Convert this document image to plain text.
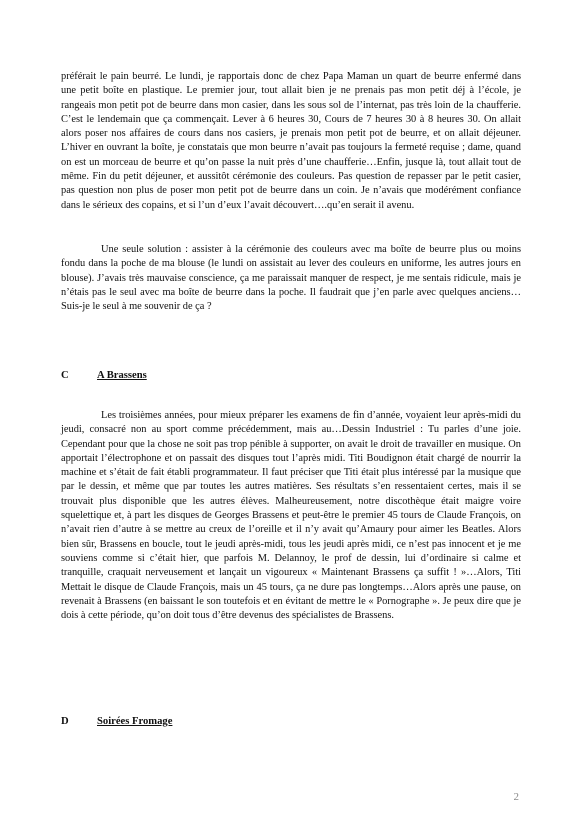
préférait le pain beurré. Le lundi, je rapportais donc de chez Papa Maman un quart de beurre enfermé dans une petit boîte en plastique. Le premier jour, tout allait bien je ne prenais pas mon petit déj à l’école, je rangeais mon petit pot de beurre dans mon casier, dans les sous sol de l’internat, pas très loin de la chaufferie. C’est le lendemain que ça commençait. Lever à 6 heures 30, Cours de 7 heures 30 à 8 heures 30. On allait alors poser nos affaires de cours dans nos casiers, je prenais mon petit pot de beurre, et on allait déjeuner. L’hiver en ouvrant la boîte, je constatais que mon beurre n’avait pas toujours la fermeté requise ; dame, quand on est un morceau de beurre et qu’on passe la nuit près d’une chaufferie…Enfin, jusque là, tout allait tout de même. Fin du petit déjeuner, et aussitôt cérémonie des couleurs. Pas question de repasser par le petit casier, pas question non plus de poser mon petit pot de beurre dans un coin. Je n’avais que modérément confiance dans le sérieux des copains, et si l’un d’eux l’avait découvert….qu’en serait il avenu.

Une seule solution : assister à la cérémonie des couleurs avec ma boîte de beurre plus ou moins fondu dans la poche de ma blouse (le lundi on assistait au lever des couleurs en uniforme, les autres jours en blouse). J’avais très mauvaise conscience, ça me paraissait manquer de respect, je me sentais ridicule, mais je n’étais pas le seul avec ma boîte de beurre dans la poche. Il faudrait que j’en parle avec quelques anciens… Suis-je le seul à me souvenir de ça ?

C	A Brassens

Les troisièmes années, pour mieux préparer les examens de fin d’année, voyaient leur après-midi du jeudi, consacré non au sport comme précédemment, mais au…Dessin Industriel : Tu parles d’une joie. Cependant pour que la chose ne soit pas trop pénible à supporter, on avait le droit de travailler en musique. On apportait l’électrophone et on passait des disques tout l’après midi. Titi Boudignon était chargé de nourrir la machine et s’était de fait établi programmateur. Il faut préciser que Titi était plus intéressé par la musique que par le dessin, et même que par toutes les autres matières. Ses résultats s’en ressentaient certes, mais il se trouvait plus disponible que les autres élèves. Malheureusement, notre discothèque était maigre voire squelettique et, à part les disques de Georges Brassens et peut-être le premier 45 tours de Claude François, on n’avait rien d’autre à se mettre au creux de l’oreille et il n’y avait qu’Amaury pour aimer les Beatles. Alors bien sûr, Brassens en boucle, tout le jeudi après-midi, tous les jeudi après midi, ce n’est pas innocent et je me souviens comme si c’était hier, que parfois M. Delannoy, le prof de dessin, lui d’ordinaire si calme et tranquille, craquait nerveusement et lançait un vigoureux « Maintenant Brassens ça suffit ! »…Alors, Titi Mettait le disque de Claude François, mais un 45 tours, ça ne dure pas longtemps…Alors après une pause, on revenait à Brassens (en baissant le son toutefois et en évitant de mettre le « Pornographe ». Je peux dire que je dois à cette période, qu’on doit tous d’être devenus des spécialistes de Brassens.

D	Soirées Fromage
2
